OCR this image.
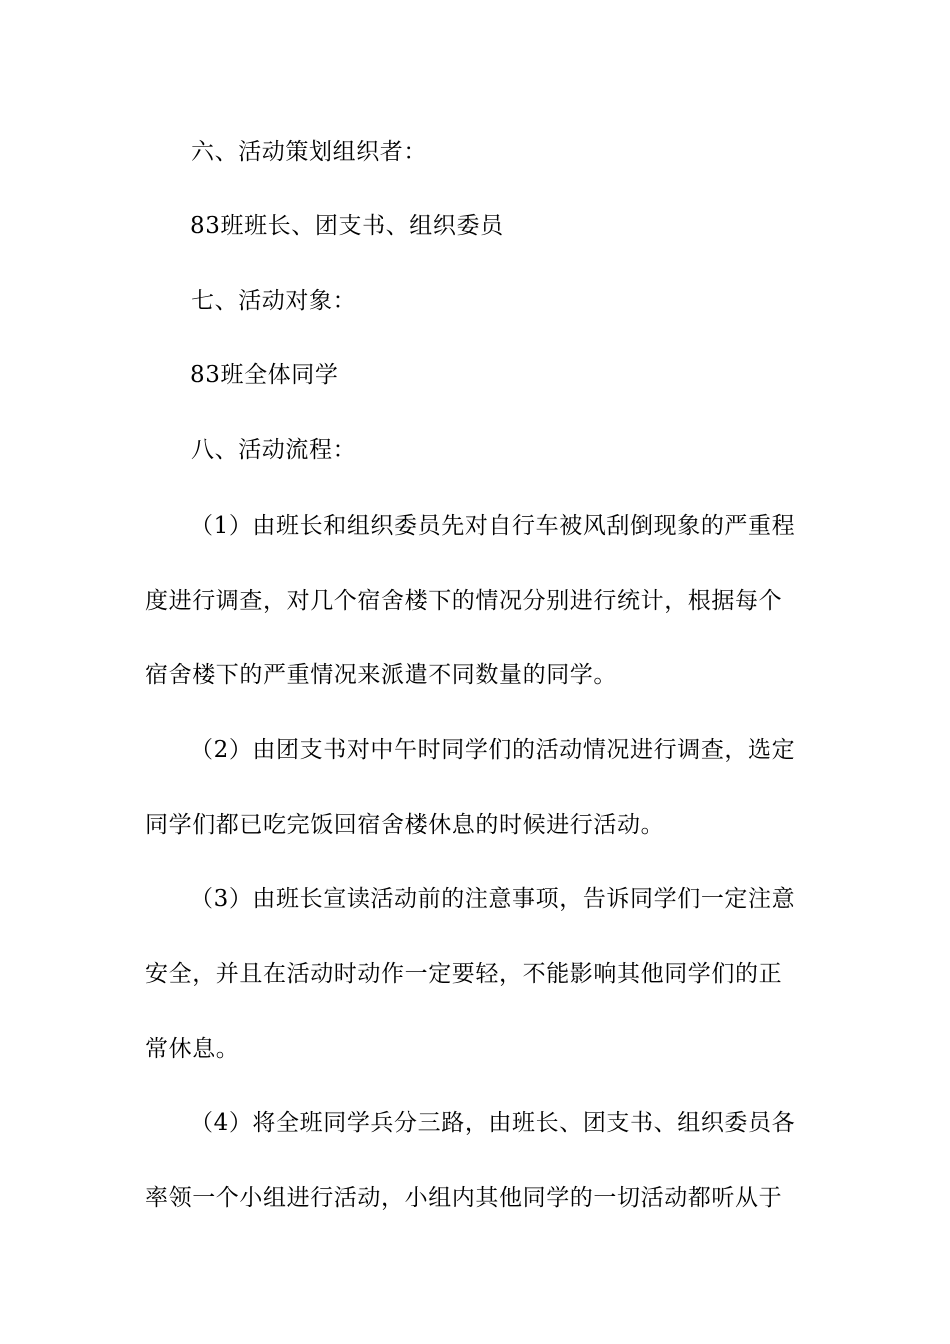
六、活动策划组织者：
83班班长、团支书、组织委员
七、活动对象：
83班全体同学
八、活动流程：
（1）由班长和组织委员先对自行车被风刮倒现象的严重程
度进行调查，对几个宿舍楼下的情况分别进行统计，根据每个
宿舍楼下的严重情况来派遣不同数量的同学。
（2）由团支书对中午时同学们的活动情况进行调查，选定
同学们都已吃完饭回宿舍楼休息的时候进行活动。
（3）由班长宣读活动前的注意事项，告诉同学们一定注意
安全，并且在活动时动作一定要轻，不能影响其他同学们的正
常休息。
（4）将全班同学兵分三路，由班长、团支书、组织委员各
率领一个小组进行活动，小组内其他同学的一切活动都听从于
